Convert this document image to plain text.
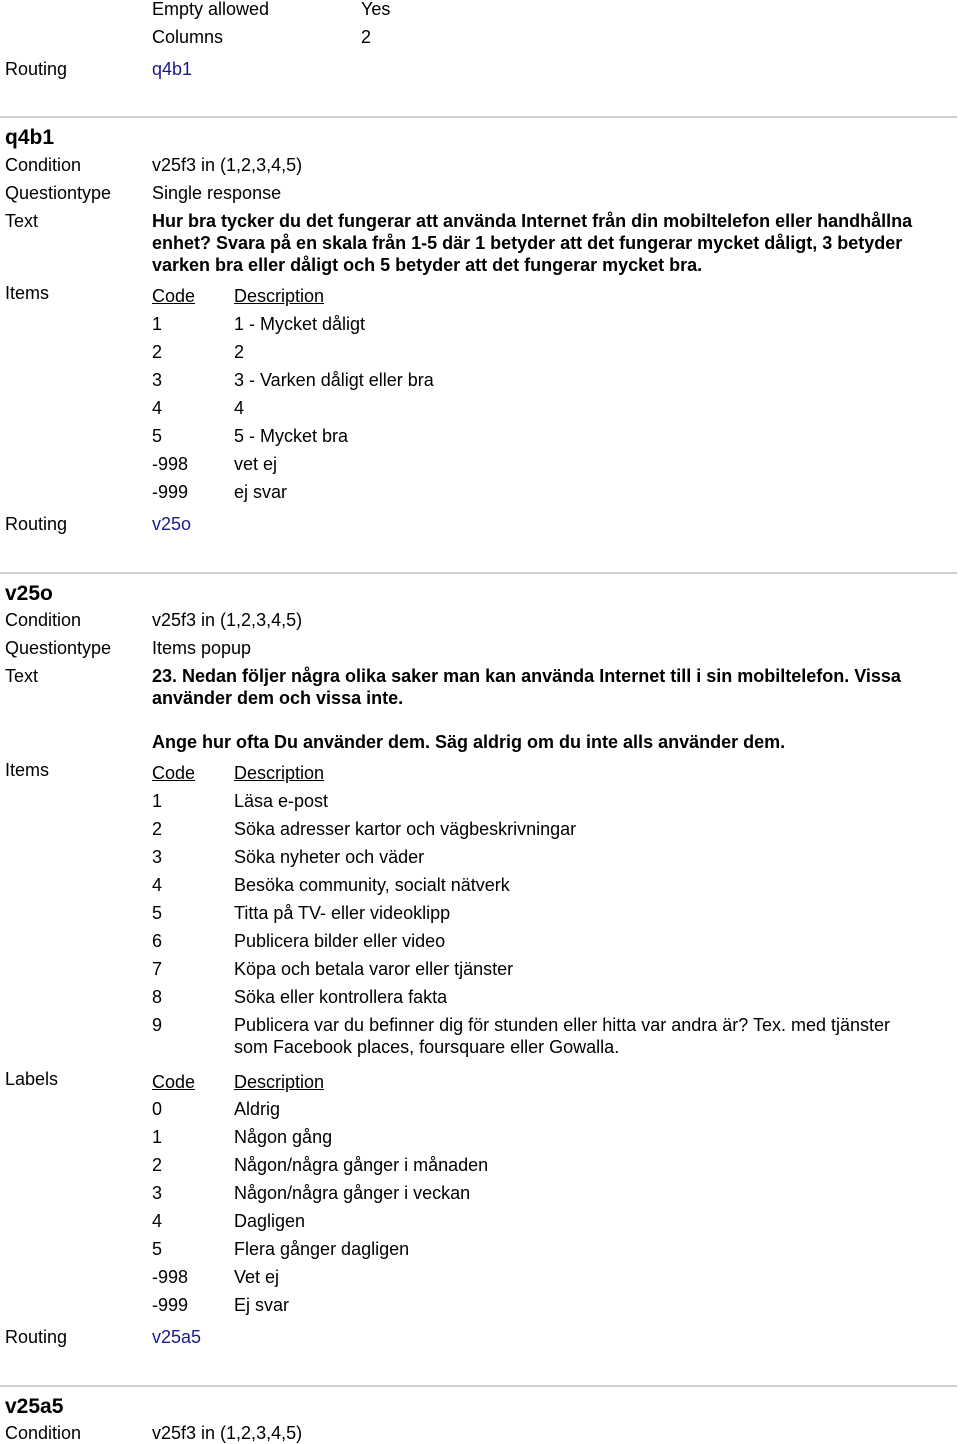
Empty allowed	Yes
Columns	2
Routing	q4b1
q4b1
Condition	v25f3 in (1,2,3,4,5)
Questiontype Single response
Text	Hur bra tycker du det fungerar att använda Internet från din mobiltelefon eller handhållna enhet? Svara på en skala från 1-5 där 1 betyder att det fungerar mycket dåligt, 3 betyder varken bra eller dåligt och 5 betyder att det fungerar mycket bra.
Items	Code Description
1	1 - Mycket dåligt
2	2
3	3 - Varken dåligt eller bra
4	4
5	5 - Mycket bra
-998	vet ej
-999	ej svar
Routing	v25o
v25o
Condition	v25f3 in (1,2,3,4,5)
Questiontype Items popup
Text	23. Nedan följer några olika saker man kan använda Internet till i sin mobiltelefon. Vissa använder dem och vissa inte.
Ange hur ofta Du använder dem. Säg aldrig om du inte alls använder dem.
Items	Code Description
1	Läsa e-post
2	Söka adresser kartor och vägbeskrivningar
3	Söka nyheter och väder
4	Besöka community, socialt nätverk
5	Titta på TV- eller videoklipp
6	Publicera bilder eller video
7	Köpa och betala varor eller tjänster
8	Söka eller kontrollera fakta
9	Publicera var du befinner dig för stunden eller hitta var andra är? Tex. med tjänster som Facebook places, foursquare eller Gowalla.
Labels	Code Description
0	Aldrig
1	Någon gång
2	Någon/några gånger i månaden
3	Någon/några gånger i veckan
4	Dagligen
5	Flera gånger dagligen
-998	Vet ej
-999	Ej svar
Routing	v25a5
v25a5
Condition	v25f3 in (1,2,3,4,5)
